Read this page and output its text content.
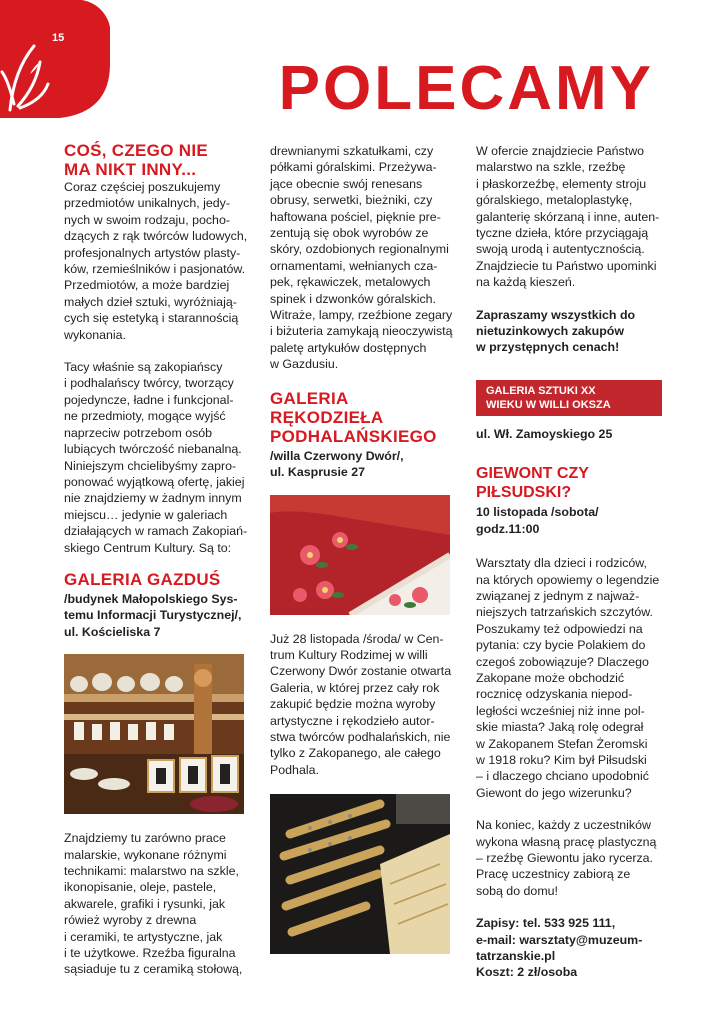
15
POLECAMY
COŚ, CZEGO NIE
MA NIKT INNY...

Coraz częściej poszukujemy
przedmiotów unikalnych, jedy-
nych w swoim rodzaju, pocho-
dzących z rąk twórców ludowych,
profesjonalnych artystów plasty-
ków, rzemieślników i pasjonatów.
Przedmiotów, a może bardziej
małych dzieł sztuki, wyróżniają-
cych się estetyką i starannością
wykonania.

Tacy właśnie są zakopiańscy
i podhalańscy twórcy, tworzący
pojedyncze, ładne i funkcjonal-
ne przedmioty, mogące wyjść
naprzeciw potrzebom osób
lubiących twórczość niebanalną.
Niniejszym chcielibyśmy zapro-
ponować wyjątkową ofertę, jakiej
nie znajdziemy w żadnym innym
miejscu… jedynie w galeriach
działających w ramach Zakopiań-
skiego Centrum Kultury. Są to:

GALERIA GAZDUŚ
/budynek Małopolskiego Sys-
temu Informacji Turystycznej/,
ul. Kościeliska 7

Znajdziemy tu zarówno prace
malarskie, wykonane różnymi
technikami: malarstwo na szkle,
ikonopisanie, oleje, pastele,
akwarele, grafiki i rysunki, jak
rówież wyroby z drewna
i ceramiki, te artystyczne, jak
i te użytkowe. Rzeźba figuralna
sąsiaduje tu z ceramiką stołową,

drewnianymi szkatułkami, czy
półkami góralskimi. Przeżywa-
jące obecnie swój renesans
obrusy, serwetki, bieżniki, czy
haftowana pościel, pięknie pre-
zentują się obok wyrobów ze
skóry, ozdobionych regionalnymi
ornamentami, wełnianych cza-
pek, rękawiczek, metalowych
spinek i dzwonków góralskich.
Witraże, lampy, rzeźbione zegary
i biżuteria zamykają nieoczywistą
paletę artykułów dostępnych
w Gazdusiu.

GALERIA
RĘKODZIEŁA
PODHALAŃSKIEGO
/willa Czerwony Dwór/,
ul. Kasprusie 27

Już 28 listopada /środa/ w Cen-
trum Kultury Rodzimej w willi
Czerwony Dwór zostanie otwarta
Galeria, w której przez cały rok
zakupić będzie można wyroby
artystyczne i rękodzieło autor-
stwa twórców podhalańskich, nie
tylko z Zakopanego, ale całego
Podhala.

W ofercie znajdziecie Państwo
malarstwo na szkle, rzeźbę
i płaskorzeźbę, elementy stroju
góralskiego, metaloplastykę,
galanterię skórzaną i inne, auten-
tyczne dzieła, które przyciągają
swoją urodą i autentycznością.
Znajdziecie tu Państwo upominki
na każdą kieszeń.

Zapraszamy wszystkich do
nietuzinkowych zakupów
w przystępnych cenach!

GALERIA SZTUKI XX
WIEKU W WILLI OKSZA
ul. Wł. Zamoyskiego 25
GIEWONT CZY
PIŁSUDSKI?
10 listopada /sobota/
godz.11:00

Warsztaty dla dzieci i rodziców,
na których opowiemy o legendzie
związanej z jednym z najważ-
niejszych tatrzańskich szczytów.
Poszukamy też odpowiedzi na
pytania: czy bycie Polakiem do
czegoś zobowiązuje? Dlaczego
Zakopane może obchodzić
rocznicę odzyskania niepod-
ległości wcześniej niż inne pol-
skie miasta? Jaką rolę odegrał
w Zakopanem Stefan Żeromski
w 1918 roku? Kim był Piłsudski
– i dlaczego chciano upodobnić
Giewont do jego wizerunku?

Na koniec, każdy z uczestników
wykona własną pracę plastyczną
– rzeźbę Giewontu jako rycerza.
Pracę uczestnicy zabiorą ze
sobą do domu!

Zapisy: tel. 533 925 111,
e-mail: warsztaty@muzeum-
tatrzanskie.pl
Koszt: 2 zł/osoba
